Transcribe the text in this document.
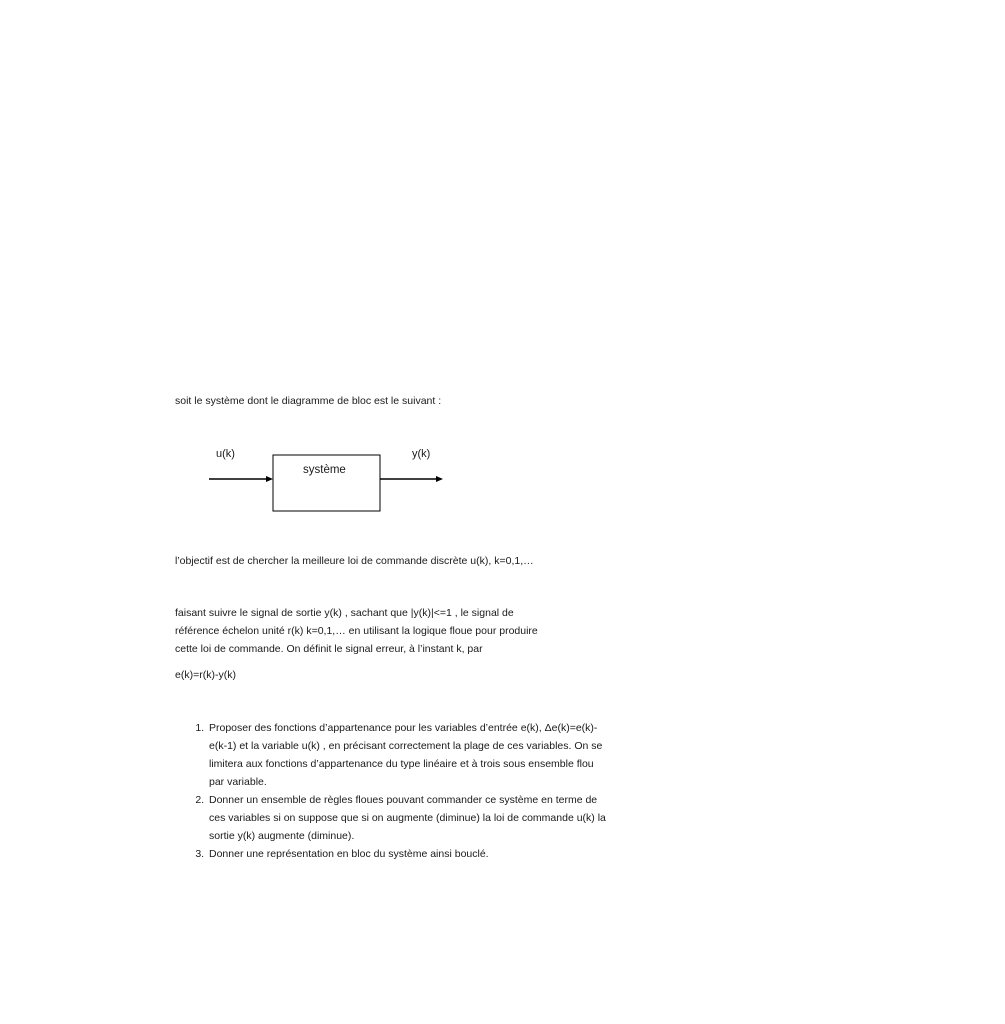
soit le système dont le diagramme de bloc est le suivant :
u(k)
système
y(k)
l’objectif est de chercher la meilleure loi de commande discrète u(k), k=0,1,…
faisant suivre le signal de sortie y(k) , sachant que |y(k)|<=1 , le signal de
référence échelon unité r(k) k=0,1,… en utilisant la logique floue pour produire
cette loi de commande. On définit le signal erreur, à l’instant k, par
e(k)=r(k)-y(k)
1. Proposer des fonctions d’appartenance pour les variables d’entrée e(k), Δe(k)=e(k)-e(k-1) et la variable u(k) , en précisant correctement la plage de ces variables. On se limitera aux fonctions d’appartenance du type linéaire et à trois sous ensemble flou par variable.
2. Donner un ensemble de règles floues pouvant commander ce système en terme de ces variables si on suppose que si on augmente (diminue) la loi de commande u(k) la sortie y(k) augmente (diminue).
3. Donner une représentation en bloc du système ainsi bouclé.
